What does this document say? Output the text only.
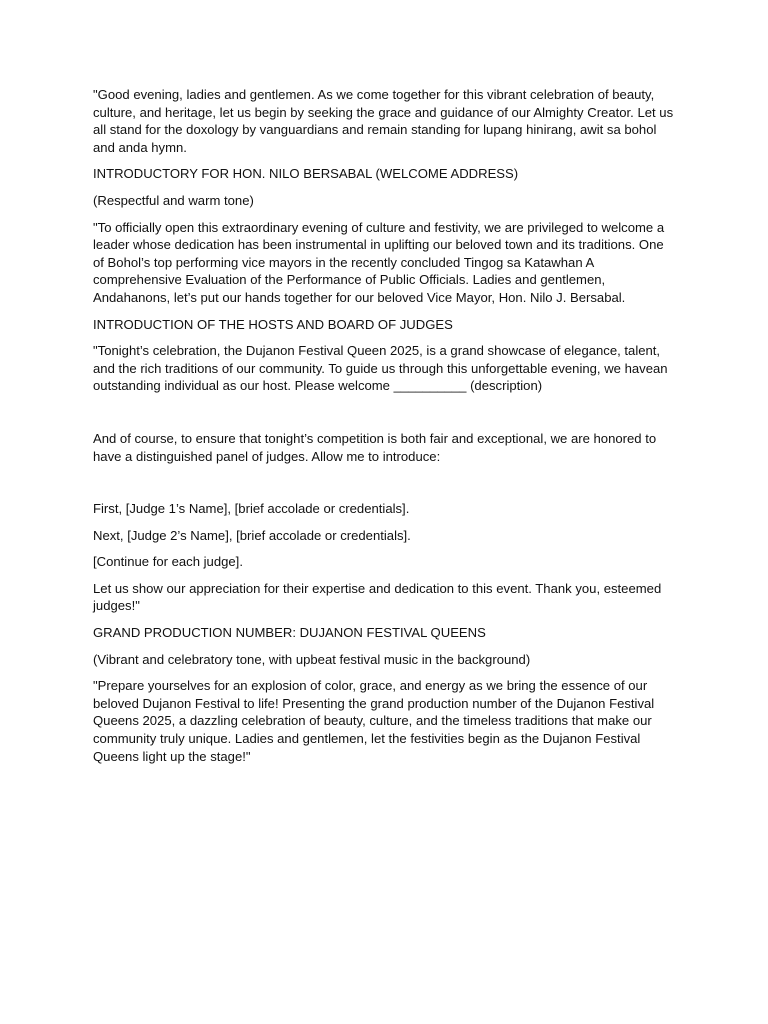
"Good evening, ladies and gentlemen. As we come together for this vibrant celebration of beauty, culture, and heritage, let us begin by seeking the grace and guidance of our Almighty Creator. Let us all stand for the doxology by vanguardians and remain standing for lupang hinirang, awit sa bohol and anda hymn.

INTRODUCTORY FOR HON. NILO BERSABAL (WELCOME ADDRESS)

(Respectful and warm tone)

"To officially open this extraordinary evening of culture and festivity, we are privileged to welcome a leader whose dedication has been instrumental in uplifting our beloved town and its traditions. One of Bohol’s top performing vice mayors in the recently concluded Tingog sa Katawhan A comprehensive Evaluation of the Performance of Public Officials. Ladies and gentlemen, Andahanons, let’s put our hands together for our beloved Vice Mayor, Hon. Nilo J. Bersabal.

INTRODUCTION OF THE HOSTS AND BOARD OF JUDGES

"Tonight’s celebration, the Dujanon Festival Queen 2025, is a grand showcase of elegance, talent, and the rich traditions of our community. To guide us through this unforgettable evening, we havean outstanding individual as our host. Please welcome __________ (description)

And of course, to ensure that tonight’s competition is both fair and exceptional, we are honored to have a distinguished panel of judges. Allow me to introduce:

First, [Judge 1’s Name], [brief accolade or credentials].

Next, [Judge 2’s Name], [brief accolade or credentials].

[Continue for each judge].

Let us show our appreciation for their expertise and dedication to this event. Thank you, esteemed judges!"

GRAND PRODUCTION NUMBER: DUJANON FESTIVAL QUEENS

(Vibrant and celebratory tone, with upbeat festival music in the background)

"Prepare yourselves for an explosion of color, grace, and energy as we bring the essence of our beloved Dujanon Festival to life! Presenting the grand production number of the Dujanon Festival Queens 2025, a dazzling celebration of beauty, culture, and the timeless traditions that make our community truly unique. Ladies and gentlemen, let the festivities begin as the Dujanon Festival Queens light up the stage!"
